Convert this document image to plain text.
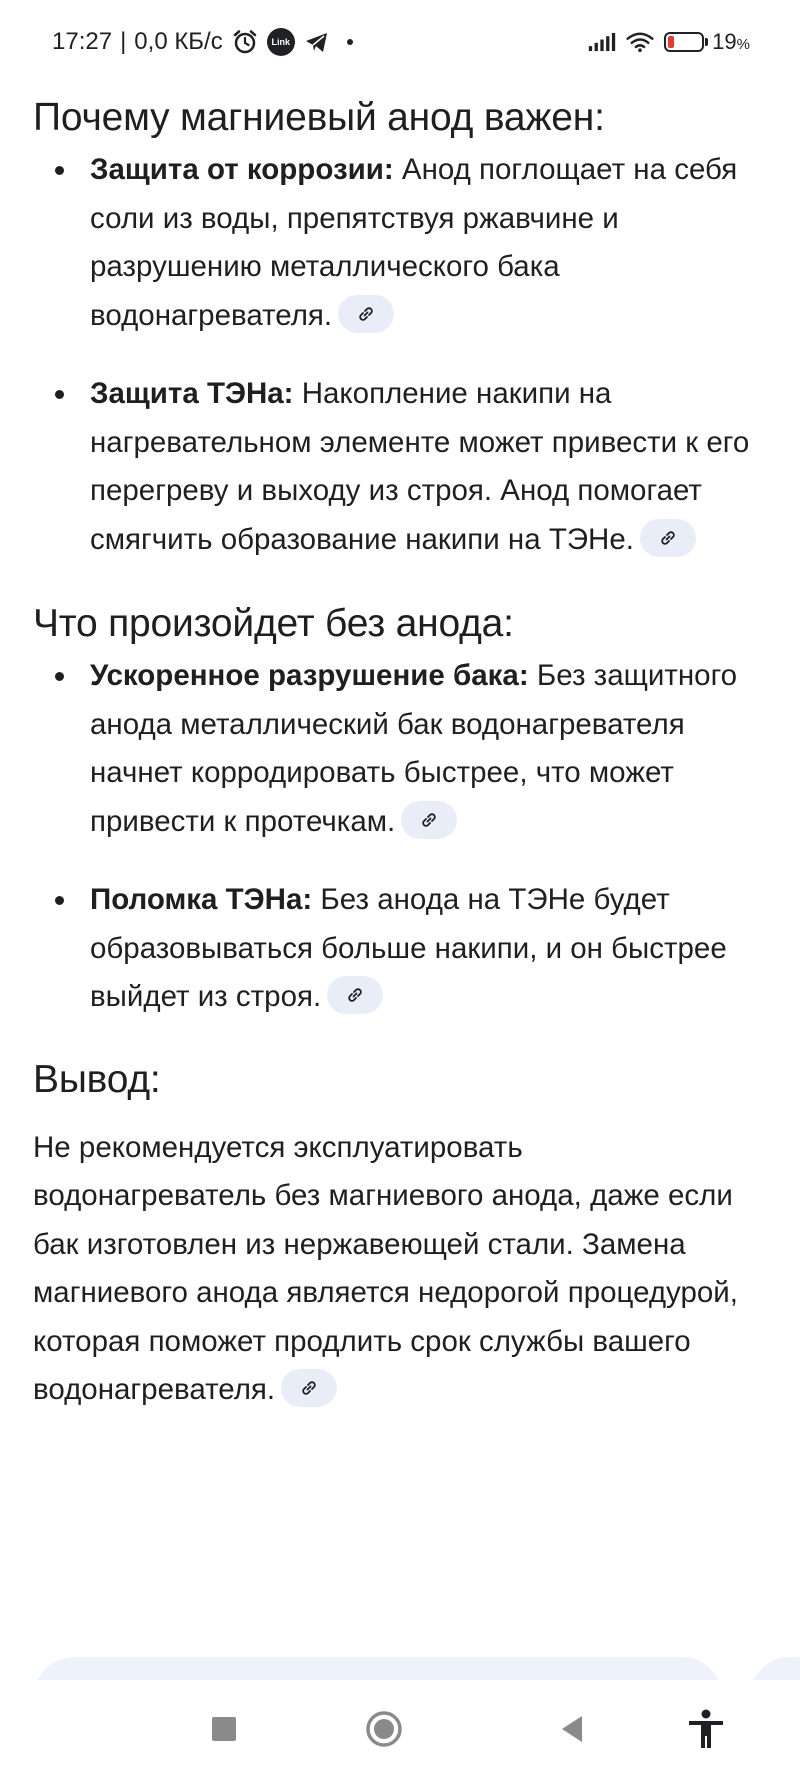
17:27 | 0,0 КБ/с	Link	19%
Почему магниевый анод важен:
Защита от коррозии: Анод поглощает на себя соли из воды, препятствуя ржавчине и разрушению металлического бака водонагревателя.
Защита ТЭНа: Накопление накипи на нагревательном элементе может привести к его перегреву и выходу из строя. Анод помогает смягчить образование накипи на ТЭНе.
Что произойдет без анода:
Ускоренное разрушение бака: Без защитного анода металлический бак водонагревателя начнет корродировать быстрее, что может привести к протечкам.
Поломка ТЭНа: Без анода на ТЭНе будет образовываться больше накипи, и он быстрее выйдет из строя.
Вывод:

Не рекомендуется эксплуатировать водонагреватель без магниевого анода, даже если бак изготовлен из нержавеющей стали. Замена магниевого анода является недорогой процедурой, которая поможет продлить срок службы вашего водонагревателя.
